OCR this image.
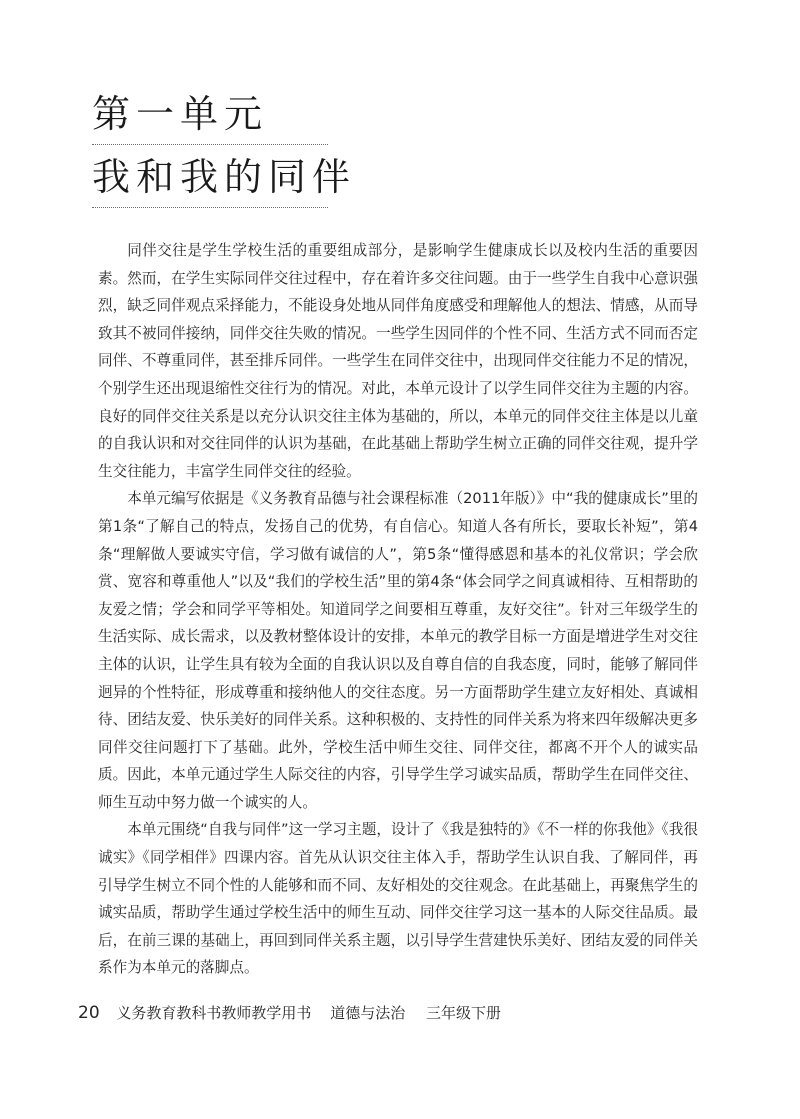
第一单元
我和我的同伴

同伴交往是学生学校生活的重要组成部分，是影响学生健康成长以及校内生活的重要因素。然而，在学生实际同伴交往过程中，存在着许多交往问题。由于一些学生自我中心意识强烈，缺乏同伴观点采择能力，不能设身处地从同伴角度感受和理解他人的想法、情感，从而导致其不被同伴接纳，同伴交往失败的情况。一些学生因同伴的个性不同、生活方式不同而否定同伴、不尊重同伴，甚至排斥同伴。一些学生在同伴交往中，出现同伴交往能力不足的情况，个别学生还出现退缩性交往行为的情况。对此，本单元设计了以学生同伴交往为主题的内容。良好的同伴交往关系是以充分认识交往主体为基础的，所以，本单元的同伴交往主体是以儿童的自我认识和对交往同伴的认识为基础，在此基础上帮助学生树立正确的同伴交往观，提升学生交往能力，丰富学生同伴交往的经验。

本单元编写依据是《义务教育品德与社会课程标准（2011年版）》中“我的健康成长”里的第1条“了解自己的特点，发扬自己的优势，有自信心。知道人各有所长，要取长补短”，第4条“理解做人要诚实守信，学习做有诚信的人”，第5条“懂得感恩和基本的礼仪常识；学会欣赏、宽容和尊重他人”以及“我们的学校生活”里的第4条“体会同学之间真诚相待、互相帮助的友爱之情；学会和同学平等相处。知道同学之间要相互尊重，友好交往”。针对三年级学生的生活实际、成长需求，以及教材整体设计的安排，本单元的教学目标一方面是增进学生对交往主体的认识，让学生具有较为全面的自我认识以及自尊自信的自我态度，同时，能够了解同伴迥异的个性特征，形成尊重和接纳他人的交往态度。另一方面帮助学生建立友好相处、真诚相待、团结友爱、快乐美好的同伴关系。这种积极的、支持性的同伴关系为将来四年级解决更多同伴交往问题打下了基础。此外，学校生活中师生交往、同伴交往，都离不开个人的诚实品质。因此，本单元通过学生人际交往的内容，引导学生学习诚实品质，帮助学生在同伴交往、师生互动中努力做一个诚实的人。

本单元围绕“自我与同伴”这一学习主题，设计了《我是独特的》《不一样的你我他》《我很诚实》《同学相伴》四课内容。首先从认识交往主体入手，帮助学生认识自我、了解同伴，再引导学生树立不同个性的人能够和而不同、友好相处的交往观念。在此基础上，再聚焦学生的诚实品质，帮助学生通过学校生活中的师生互动、同伴交往学习这一基本的人际交往品质。最后，在前三课的基础上，再回到同伴关系主题，以引导学生营建快乐美好、团结友爱的同伴关系作为本单元的落脚点。

20 义务教育教科书教师教学用书 道德与法治 三年级下册
